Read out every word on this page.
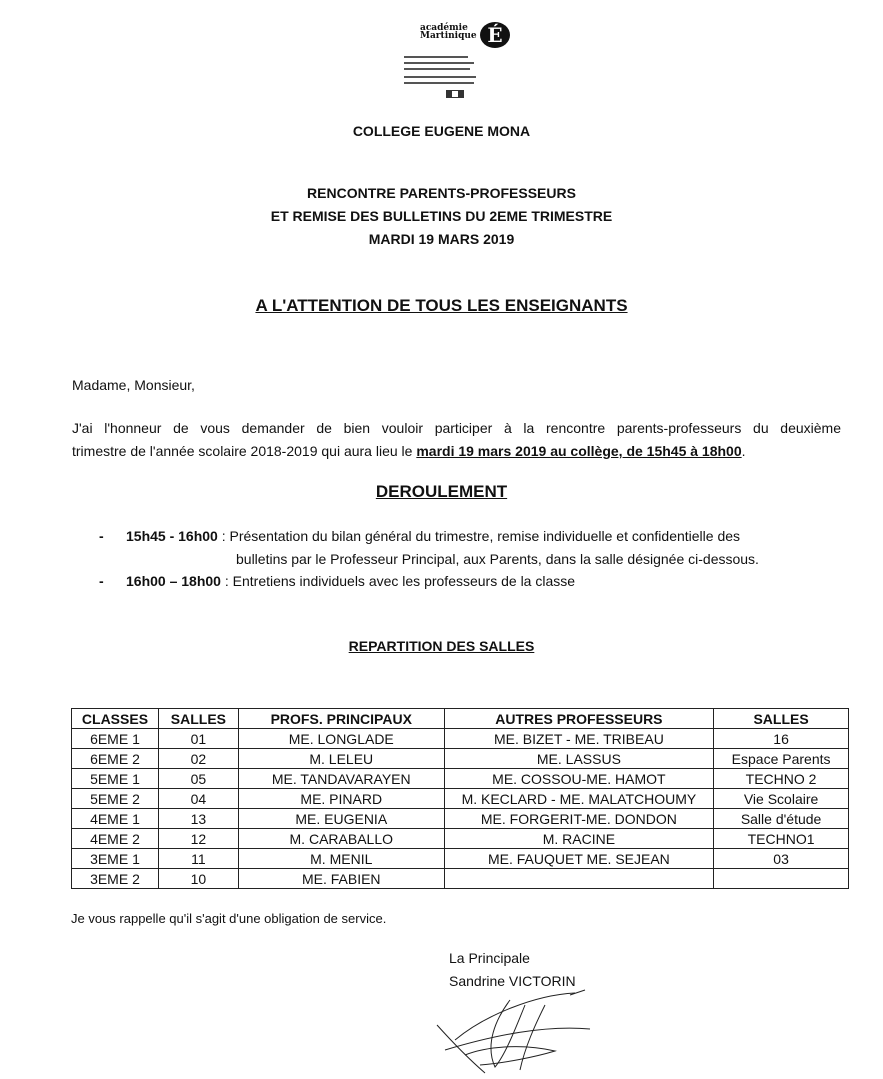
académie
Martinique É
COLLEGE EUGENE MONA
RENCONTRE PARENTS-PROFESSEURS
ET REMISE DES BULLETINS DU 2EME TRIMESTRE
MARDI 19 MARS 2019
A L'ATTENTION DE TOUS LES ENSEIGNANTS
Madame, Monsieur,
J'ai l'honneur de vous demander de bien vouloir participer à la rencontre parents-professeurs du deuxième
trimestre de l'année scolaire 2018-2019 qui aura lieu le mardi 19 mars 2019 au collège, de 15h45 à 18h00.
DEROULEMENT
- 15h45 - 16h00 : Présentation du bilan général du trimestre, remise individuelle et confidentielle des
bulletins par le Professeur Principal, aux Parents, dans la salle désignée ci-dessous.
- 16h00 – 18h00 : Entretiens individuels avec les professeurs de la classe
REPARTITION DES SALLES
CLASSES	SALLES	PROFS. PRINCIPAUX	AUTRES PROFESSEURS	SALLES
6EME 1	01	ME. LONGLADE	ME. BIZET - ME. TRIBEAU	16
6EME 2	02	M. LELEU	ME. LASSUS	Espace Parents
5EME 1	05	ME. TANDAVARAYEN	ME. COSSOU-ME. HAMOT	TECHNO 2
5EME 2	04	ME. PINARD	M. KECLARD - ME. MALATCHOUMY	Vie Scolaire
4EME 1	13	ME. EUGENIA	ME. FORGERIT-ME. DONDON	Salle d'étude
4EME 2	12	M. CARABALLO	M. RACINE	TECHNO1
3EME 1	11	M. MENIL	ME. FAUQUET ME. SEJEAN	03
3EME 2	10	ME. FABIEN		
Je vous rappelle qu'il s'agit d'une obligation de service.
La Principale
Sandrine VICTORIN
